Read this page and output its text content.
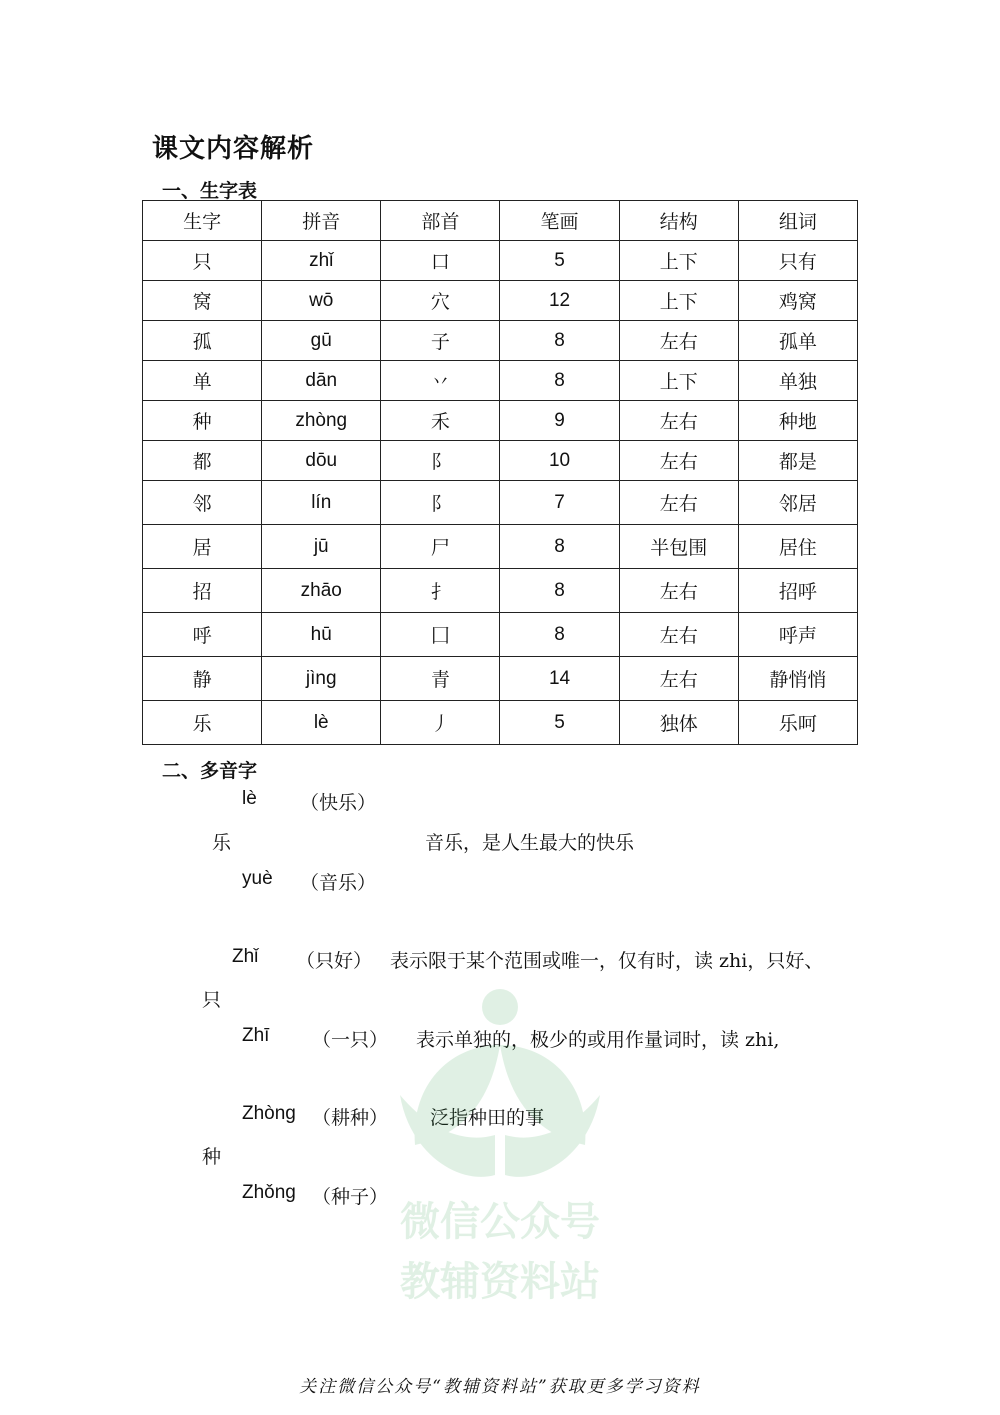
课文内容解析
一、生字表
生字	拼音	部首	笔画	结构	组词
只	zhǐ	口	5	上下	只有
窝	wō	穴	12	上下	鸡窝
孤	gū	子	8	左右	孤单
单	dān	丷	8	上下	单独
种	zhòng	禾	9	左右	种地
都	dōu	阝	10	左右	都是
邻	lín	阝	7	左右	邻居
居	jū	尸	8	半包围	居住
招	zhāo	扌	8	左右	招呼
呼	hū	囗	8	左右	呼声
静	jìng	青	14	左右	静悄悄
乐	lè	丿	5	独体	乐呵
二、多音字
lè （快乐）
乐	音乐，是人生最大的快乐
yuè （音乐）
Zhǐ （只好） 表示限于某个范围或唯一，仅有时，读 zhi，只好、
只
Zhī （一只） 表示单独的，极少的或用作量词时，读 zhi,
Zhòng （耕种） 泛指种田的事
种
Zhǒng （种子）
微信公众号
教辅资料站
关注微信公众号“教辅资料站”获取更多学习资料
